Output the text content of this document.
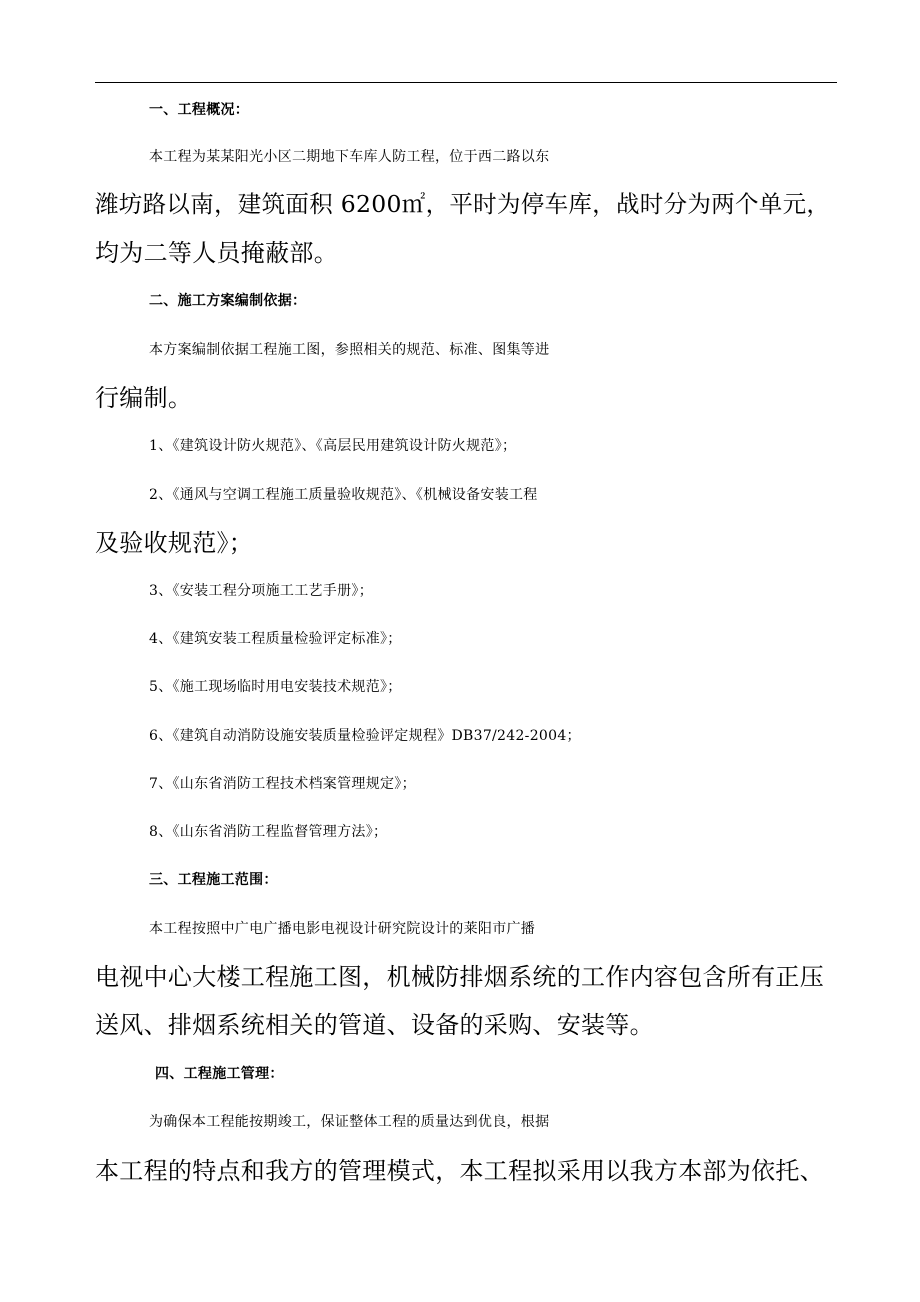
一、工程概况：
本工程为某某阳光小区二期地下车库人防工程，位于西二路以东
潍坊路以南，建筑面积 6200㎡，平时为停车库，战时分为两个单元，
均为二等人员掩蔽部。
二、施工方案编制依据：
本方案编制依据工程施工图，参照相关的规范、标准、图集等进
行编制。
1、《建筑设计防火规范》、《高层民用建筑设计防火规范》；
2、《通风与空调工程施工质量验收规范》、《机械设备安装工程
及验收规范》；
3、《安装工程分项施工工艺手册》；
4、《建筑安装工程质量检验评定标准》；
5、《施工现场临时用电安装技术规范》；
6、《建筑自动消防设施安装质量检验评定规程》DB37/242-2004；
7、《山东省消防工程技术档案管理规定》；
8、《山东省消防工程监督管理方法》；
三、工程施工范围：
本工程按照中广电广播电影电视设计研究院设计的莱阳市广播
电视中心大楼工程施工图，机械防排烟系统的工作内容包含所有正压
送风、排烟系统相关的管道、设备的采购、安装等。
四、工程施工管理：
为确保本工程能按期竣工，保证整体工程的质量达到优良，根据
本工程的特点和我方的管理模式，本工程拟采用以我方本部为依托、
